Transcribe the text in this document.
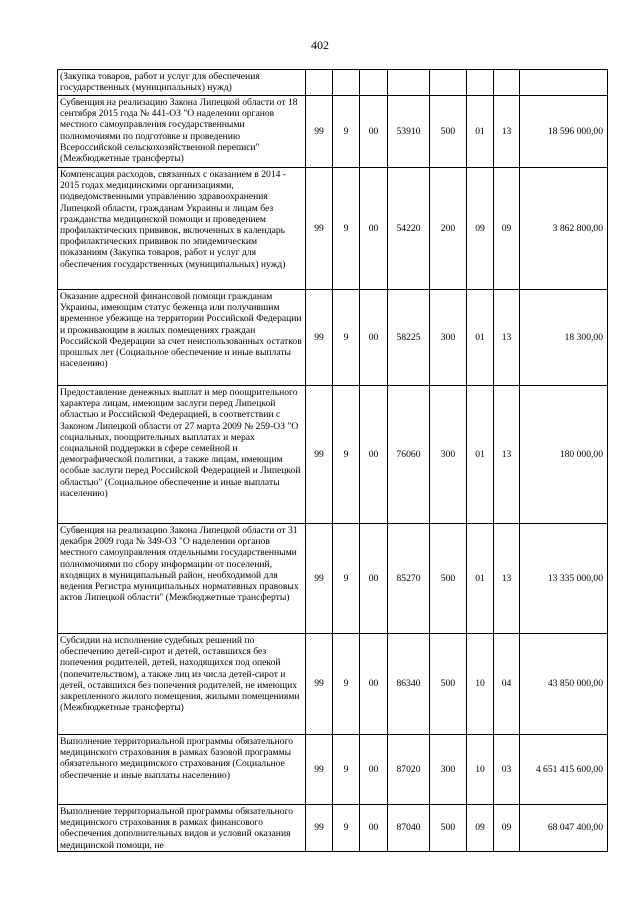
402
(Закупка товаров, работ и услуг для обеспечения государственных (муниципальных) нужд)								
Субвенция на реализацию Закона Липецкой области от 18 сентября 2015 года № 441-ОЗ "О наделении органов местного самоуправления государственными полномочиями по подготовке и проведению Всероссийской сельскохозяйственной переписи" (Межбюджетные трансферты)	99	9	00	53910	500	01	13	18 596 000,00
Компенсация расходов, связанных с оказанием в 2014 - 2015 годах медицинскими организациями, подведомственными управлению здравоохранения Липецкой области, гражданам Украины и лицам без гражданства медицинской помощи и проведением профилактических прививок, включенных в календарь профилактических прививок по эпидемическим показаниям (Закупка товаров, работ и услуг для обеспечения государственных (муниципальных) нужд)	99	9	00	54220	200	09	09	3 862 800,00
Оказание адресной финансовой помощи гражданам Украины, имеющим статус беженца или получившим временное убежище на территории Российской Федерации и проживающим в жилых помещениях граждан Российской Федерации за счет неиспользованных остатков прошлых лет (Социальное обеспечение и иные выплаты населению)	99	9	00	58225	300	01	13	18 300,00
Предоставление денежных выплат и мер поощрительного характера лицам, имеющим заслуги перед Липецкой областью и Российской Федерацией, в соответствии с Законом Липецкой области от 27 марта 2009 № 259-ОЗ "О социальных, поощрительных выплатах и мерах социальной поддержки в сфере семейной и демографической политики, а также лицам, имеющим особые заслуги перед Российской Федерацией и Липецкой областью" (Социальное обеспечение и иные выплаты населению)	99	9	00	76060	300	01	13	180 000,00
Субвенция на реализацию Закона Липецкой области от 31 декабря 2009 года № 349-ОЗ "О наделении органов местного самоуправления отдельными государственными полномочиями по сбору информации от поселений, входящих в муниципальный район, необходимой для ведения Регистра муниципальных нормативных правовых актов Липецкой области" (Межбюджетные трансферты)	99	9	00	85270	500	01	13	13 335 000,00
Субсидии на исполнение судебных решений по обеспечению детей-сирот и детей, оставшихся без попечения родителей, детей, находящихся под опекой (попечительством), а также лиц из числа детей-сирот и детей, оставшихся без попечения родителей, не имеющих закрепленного жилого помещения, жилыми помещениями (Межбюджетные трансферты)	99	9	00	86340	500	10	04	43 850 000,00
Выполнение территориальной программы обязательного медицинского страхования в рамках базовой программы обязательного медицинского страхования (Социальное обеспечение и иные выплаты населению)	99	9	00	87020	300	10	03	4 651 415 600,00
Выполнение территориальной программы обязательного медицинского страхования в рамках финансового обеспечения дополнительных видов и условий оказания медицинской помощи, не	99	9	00	87040	500	09	09	68 047 400,00
